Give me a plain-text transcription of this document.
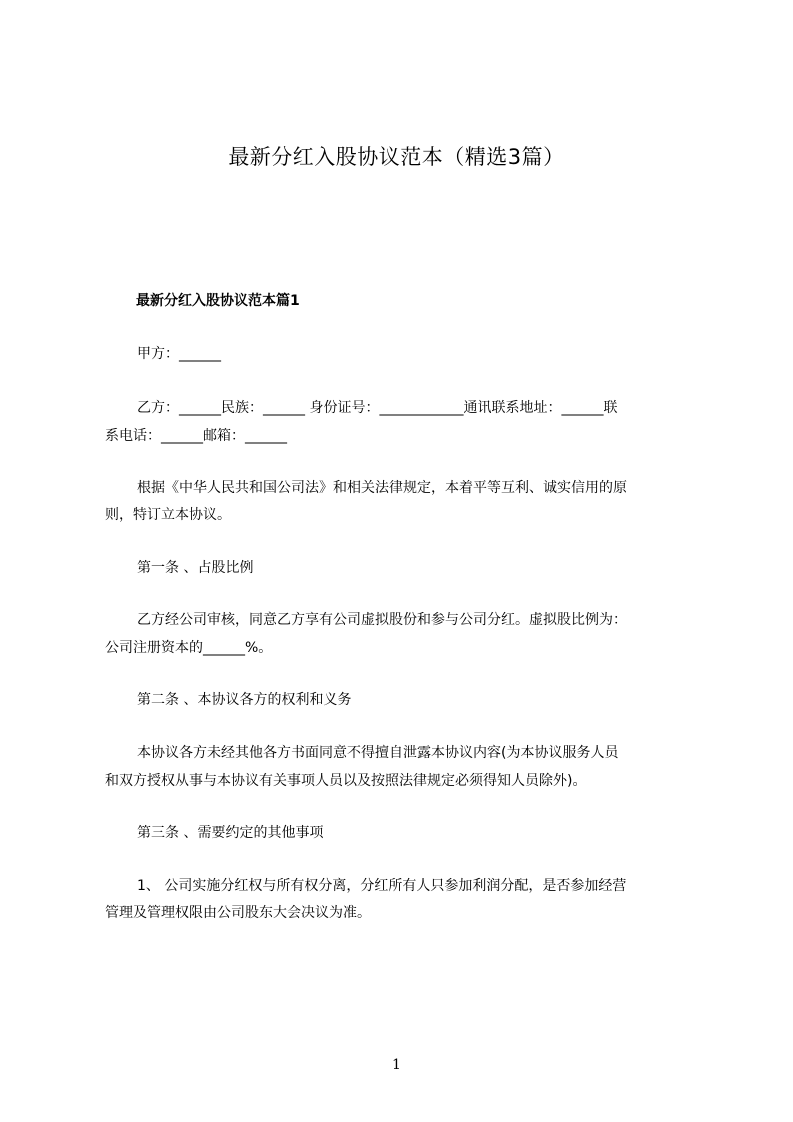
最新分红入股协议范本（精选3篇）
最新分红入股协议范本篇1
甲方：______
乙方：______民族：______ 身份证号：____________通讯联系地址：______联
系电话：______邮箱：______
根据《中华人民共和国公司法》和相关法律规定，本着平等互利、诚实信用的原
则，特订立本协议。
第一条 、占股比例
乙方经公司审核，同意乙方享有公司虚拟股份和参与公司分红。虚拟股比例为：
公司注册资本的______%。
第二条 、本协议各方的权利和义务
本协议各方未经其他各方书面同意不得擅自泄露本协议内容(为本协议服务人员
和双方授权从事与本协议有关事项人员以及按照法律规定必须得知人员除外)。
第三条 、需要约定的其他事项
1、 公司实施分红权与所有权分离，分红所有人只参加利润分配，是否参加经营
管理及管理权限由公司股东大会决议为准。
1
